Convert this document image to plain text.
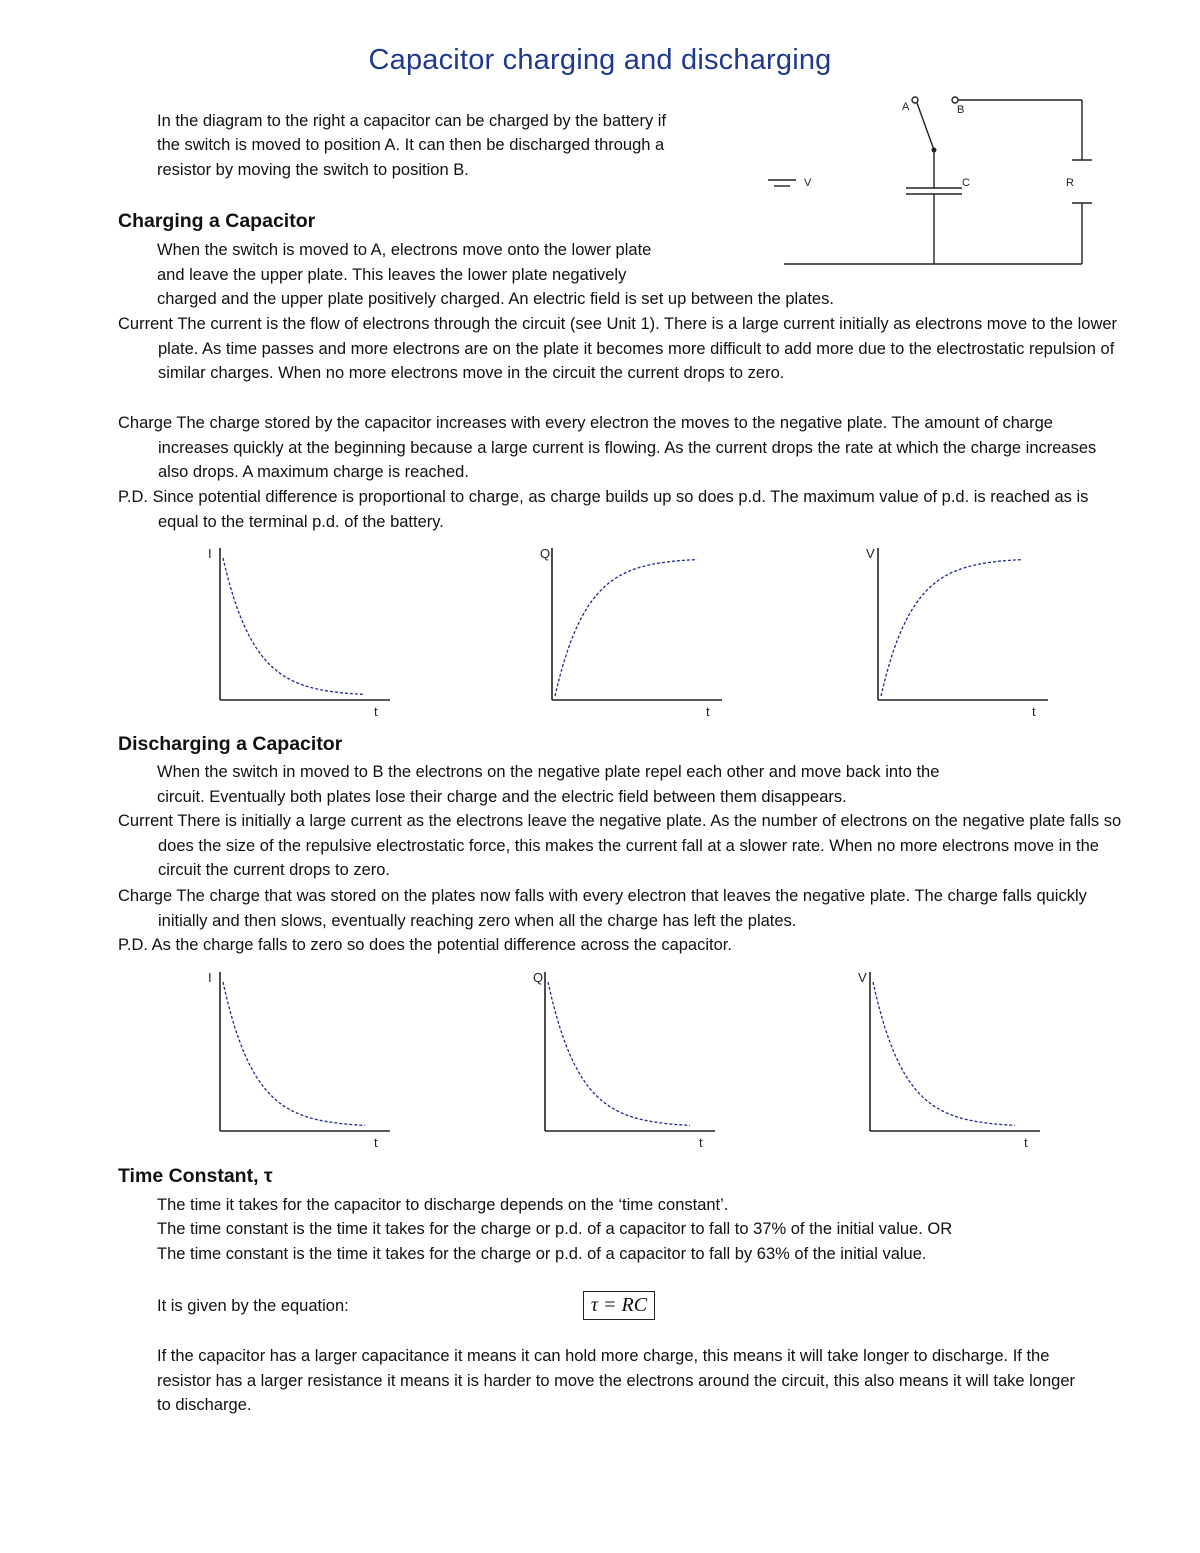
Capacitor charging and discharging
In the diagram to the right a capacitor can be charged by the battery if
the switch is moved to position A. It can then be discharged through a
resistor by moving the switch to position B.
A	B
V	C	R
Charging a Capacitor
When the switch is moved to A, electrons move onto the lower plate
and leave the upper plate. This leaves the lower plate negatively
charged and the upper plate positively charged. An electric field is set up between the plates.
Current The current is the flow of electrons through the circuit (see Unit 1). There is a large current initially as electrons move to the lower plate. As time passes and more electrons are on the plate it becomes more difficult to add more due to the electrostatic repulsion of similar charges. When no more electrons move in the circuit the current drops to zero.
Charge The charge stored by the capacitor increases with every electron the moves to the negative plate. The amount of charge increases quickly at the beginning because a large current is flowing. As the current drops the rate at which the charge increases also drops. A maximum charge is reached.
P.D. Since potential difference is proportional to charge, as charge builds up so does p.d. The maximum value of p.d. is reached as is equal to the terminal p.d. of the battery.
I
t
Q
t
V
t
Discharging a Capacitor
When the switch in moved to B the electrons on the negative plate repel each other and move back into the
circuit. Eventually both plates lose their charge and the electric field between them disappears.
Current There is initially a large current as the electrons leave the negative plate. As the number of electrons on the negative plate falls so does the size of the repulsive electrostatic force, this makes the current fall at a slower rate. When no more electrons move in the circuit the current drops to zero.
Charge The charge that was stored on the plates now falls with every electron that leaves the negative plate. The charge falls quickly initially and then slows, eventually reaching zero when all the charge has left the plates.
P.D. As the charge falls to zero so does the potential difference across the capacitor.
I
t
Q
t
V
t
Time Constant, τ
The time it takes for the capacitor to discharge depends on the ‘time constant’.
The time constant is the time it takes for the charge or p.d. of a capacitor to fall to 37% of the initial value. OR
The time constant is the time it takes for the charge or p.d. of a capacitor to fall by 63% of the initial value.
It is given by the equation:	τ = RC
If the capacitor has a larger capacitance it means it can hold more charge, this means it will take longer to discharge. If the resistor has a larger resistance it means it is harder to move the electrons around the circuit, this also means it will take longer to discharge.
